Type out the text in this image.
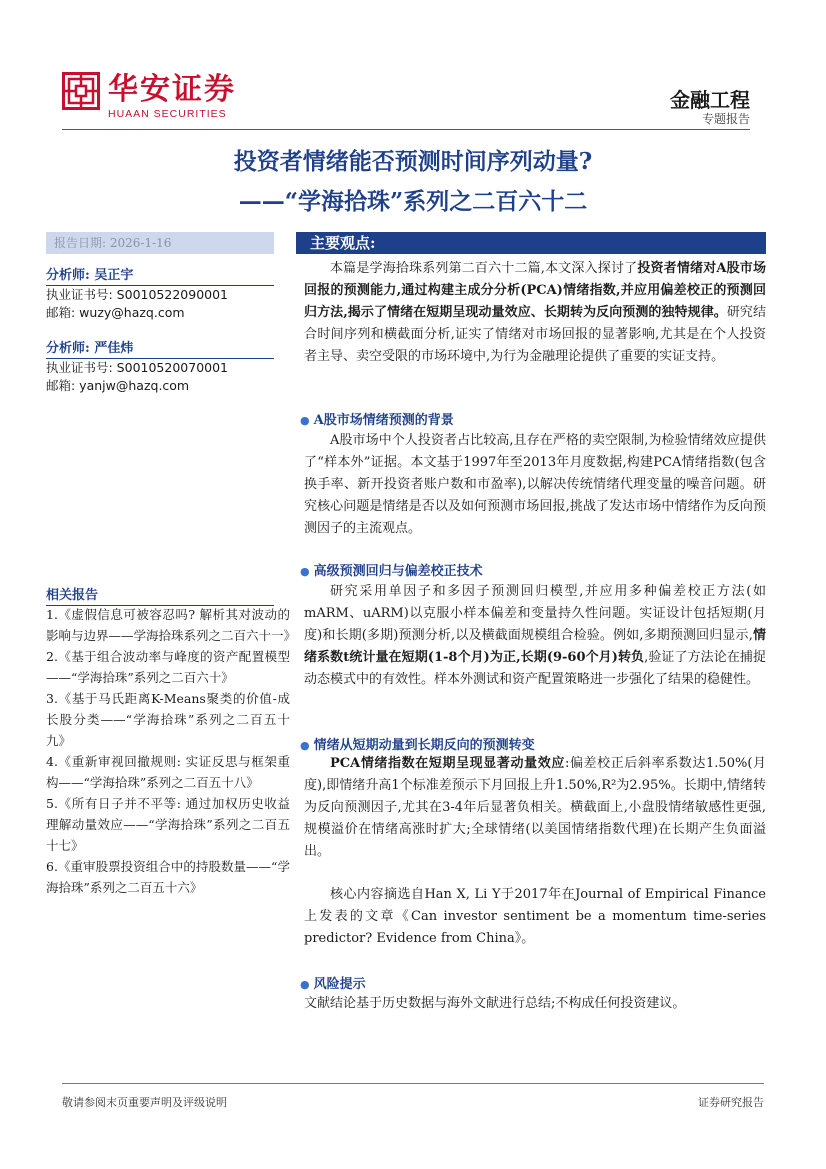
华安证券
HUAAN SECURITIES
金融工程
专题报告
投资者情绪能否预测时间序列动量?
——“学海拾珠”系列之二百六十二
报告日期: 2026-1-16
分析师: 吴正宇
执业证书号: S0010522090001
邮箱: wuzy@hazq.com
分析师: 严佳炜
执业证书号: S0010520070001
邮箱: yanjw@hazq.com
相关报告

1.《虚假信息可被容忍吗? 解析其对波动的影响与边界——学海拾珠系列之二百六十一》

2.《基于组合波动率与峰度的资产配置模型——“学海拾珠”系列之二百六十》

3.《基于马氏距离K-Means聚类的价值-成长股分类——“学海拾珠”系列之二百五十九》

4.《重新审视回撤规则: 实证反思与框架重构——“学海拾珠”系列之二百五十八》

5.《所有日子并不平等: 通过加权历史收益理解动量效应——“学海拾珠”系列之二百五十七》

6.《重审股票投资组合中的持股数量——“学海拾珠”系列之二百五十六》

主要观点:
本篇是学海拾珠系列第二百六十二篇,本文深入探讨了投资者情绪对A股市场回报的预测能力,通过构建主成分分析(PCA)情绪指数,并应用偏差校正的预测回归方法,揭示了情绪在短期呈现动量效应、长期转为反向预测的独特规律。研究结合时间序列和横截面分析,证实了情绪对市场回报的显著影响,尤其是在个人投资者主导、卖空受限的市场环境中,为行为金融理论提供了重要的实证支持。
● A股市场情绪预测的背景
A股市场中个人投资者占比较高,且存在严格的卖空限制,为检验情绪效应提供了“样本外”证据。本文基于1997年至2013年月度数据,构建PCA情绪指数(包含换手率、新开投资者账户数和市盈率),以解决传统情绪代理变量的噪音问题。研究核心问题是情绪是否以及如何预测市场回报,挑战了发达市场中情绪作为反向预测因子的主流观点。
● 高级预测回归与偏差校正技术
研究采用单因子和多因子预测回归模型,并应用多种偏差校正方法(如mARM、uARM)以克服小样本偏差和变量持久性问题。实证设计包括短期(月度)和长期(多期)预测分析,以及横截面规模组合检验。例如,多期预测回归显示,情绪系数t统计量在短期(1-8个月)为正,长期(9-60个月)转负,验证了方法论在捕捉动态模式中的有效性。样本外测试和资产配置策略进一步强化了结果的稳健性。
● 情绪从短期动量到长期反向的预测转变
PCA情绪指数在短期呈现显著动量效应:偏差校正后斜率系数达1.50%(月度),即情绪升高1个标准差预示下月回报上升1.50%,R²为2.95%。长期中,情绪转为反向预测因子,尤其在3-4年后显著负相关。横截面上,小盘股情绪敏感性更强,规模溢价在情绪高涨时扩大;全球情绪(以美国情绪指数代理)在长期产生负面溢出。
核心内容摘选自Han X, Li Y于2017年在Journal of Empirical Finance上发表的文章《Can investor sentiment be a momentum time-series predictor? Evidence from China》。
● 风险提示
文献结论基于历史数据与海外文献进行总结;不构成任何投资建议。
敬请参阅末页重要声明及评级说明	证券研究报告
